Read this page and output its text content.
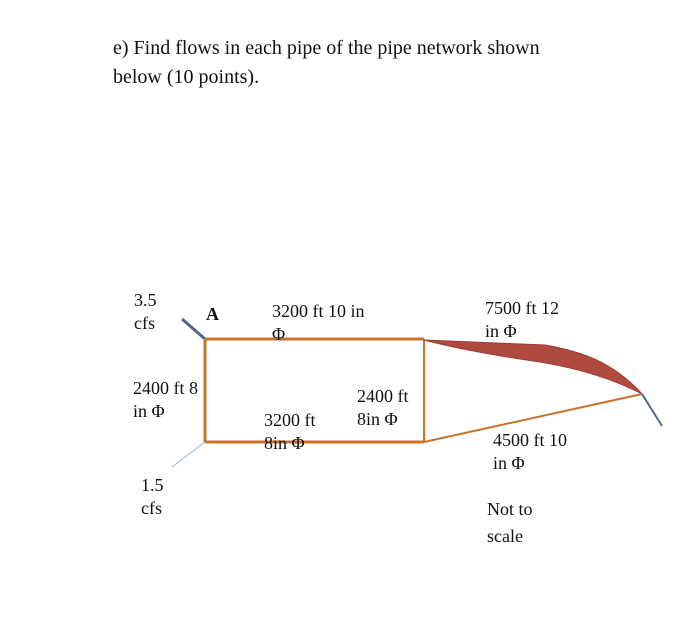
e) Find flows in each pipe of the pipe network shown
below (10 points).
3.5
cfs	A	3200 ft 10 in
Φ
7500 ft 12
in Φ
2400 ft 8
in Φ
2400 ft
8in Φ
3200 ft
8in Φ	4500 ft 10
in Φ
1.5
cfs	Not to
scale
